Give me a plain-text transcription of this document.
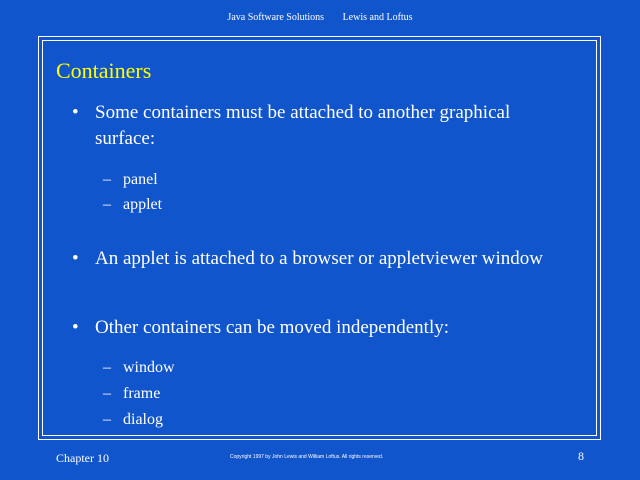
Java Software Solutions Lewis and Loftus
Containers
• Some containers must be attached to another graphical surface:
– panel
– applet
• An applet is attached to a browser or appletviewer window
• Other containers can be moved independently:
– window
– frame
– dialog
Chapter 10	Copyright 1997 by John Lewis and William Loftus. All rights reserved.	8
